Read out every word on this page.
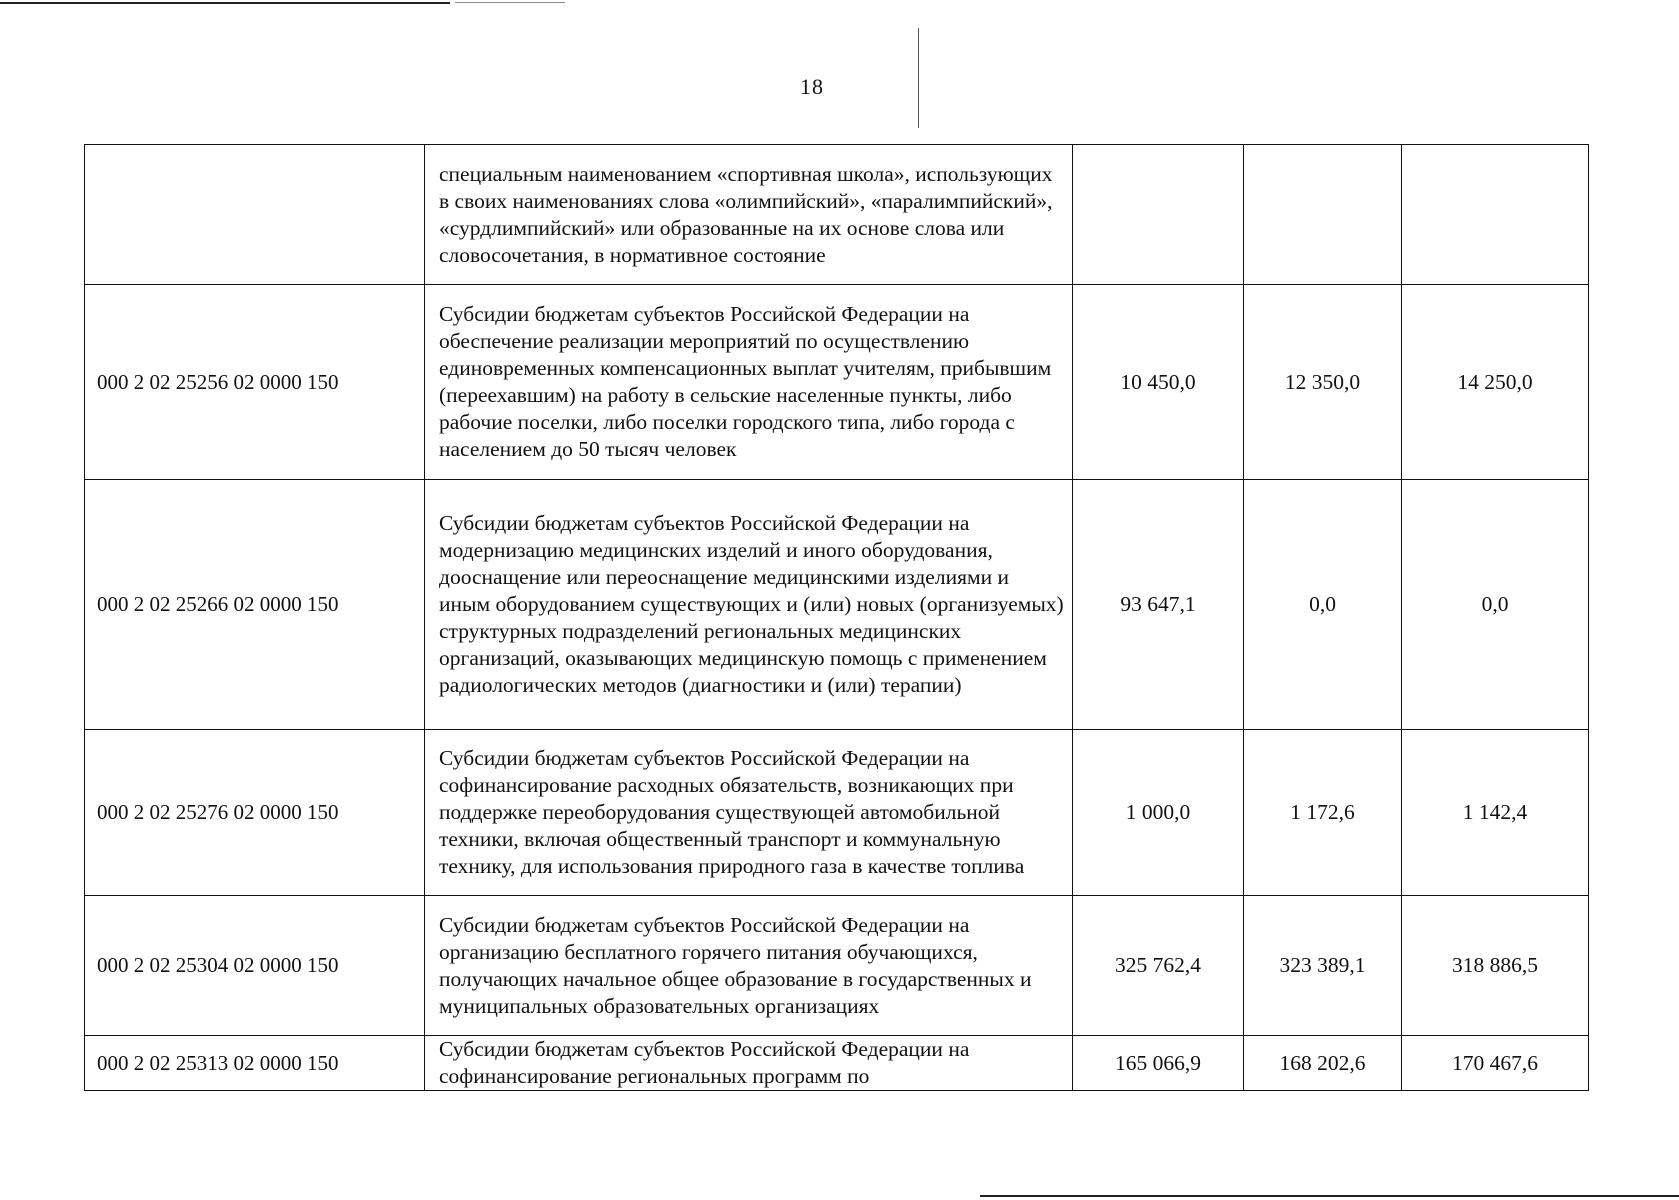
18

	специальным наименованием «спортивная школа», использующих в своих наименованиях слова «олимпийский», «паралимпийский», «сурдлимпийский» или образованные на их основе слова или словосочетания, в нормативное состояние			

000 2 02 25256 02 0000 150	Субсидии бюджетам субъектов Российской Федерации на обеспечение реализации мероприятий по осуществлению единовременных компенсационных выплат учителям, прибывшим (переехавшим) на работу в сельские населенные пункты, либо рабочие поселки, либо поселки городского типа, либо города с населением до 50 тысяч человек	10 450,0	12 350,0	14 250,0
000 2 02 25266 02 0000 150	Субсидии бюджетам субъектов Российской Федерации на модернизацию медицинских изделий и иного оборудования, дооснащение или переоснащение медицинскими изделиями и иным оборудованием существующих и (или) новых (организуемых) структурных подразделений региональных медицинских организаций, оказывающих медицинскую помощь с применением радиологических методов (диагностики и (или) терапии)	93 647,1	0,0	0,0
000 2 02 25276 02 0000 150	Субсидии бюджетам субъектов Российской Федерации на софинансирование расходных обязательств, возникающих при поддержке переоборудования существующей автомобильной техники, включая общественный транспорт и коммунальную технику, для использования природного газа в качестве топлива	1 000,0	1 172,6	1 142,4
000 2 02 25304 02 0000 150	Субсидии бюджетам субъектов Российской Федерации на организацию бесплатного горячего питания обучающихся, получающих начальное общее образование в государственных и муниципальных образовательных организациях	325 762,4	323 389,1	318 886,5
000 2 02 25313 02 0000 150	Субсидии бюджетам субъектов Российской Федерации на софинансирование региональных программ по	165 066,9	168 202,6	170 467,6
